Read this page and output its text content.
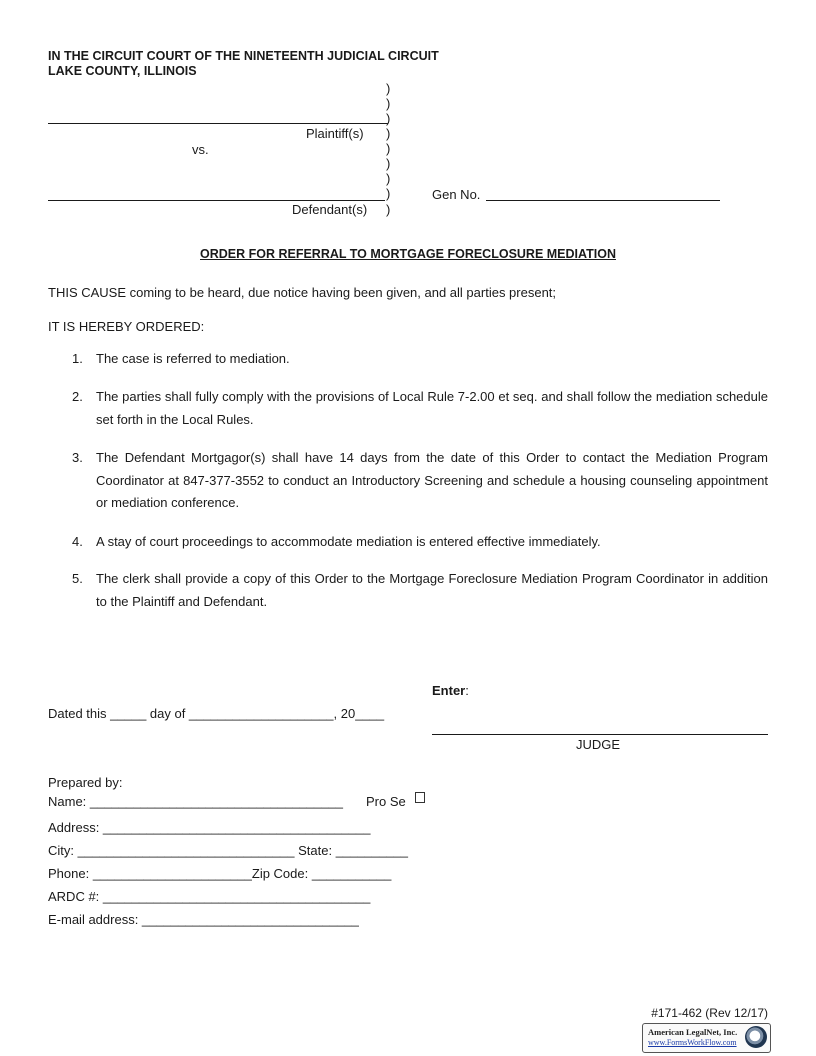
IN THE CIRCUIT COURT OF THE NINETEENTH JUDICIAL CIRCUIT
LAKE COUNTY, ILLINOIS
)
)
)
)
)
)
)
)
)
Plaintiff(s)
vs.
Defendant(s)
Gen No.
ORDER FOR REFERRAL TO MORTGAGE FORECLOSURE MEDIATION
THIS CAUSE coming to be heard, due notice having been given, and all parties present;
IT IS HEREBY ORDERED:
1. The case is referred to mediation.
2. The parties shall fully comply with the provisions of Local Rule 7-2.00 et seq. and shall follow the mediation schedule set forth in the Local Rules.
3. The Defendant Mortgagor(s) shall have 14 days from the date of this Order to contact the Mediation Program Coordinator at 847-377-3552 to conduct an Introductory Screening and schedule a housing counseling appointment or mediation conference.
4. A stay of court proceedings to accommodate mediation is entered effective immediately.
5. The clerk shall provide a copy of this Order to the Mortgage Foreclosure Mediation Program Coordinator in addition to the Plaintiff and Defendant.
Enter:
Dated this _____ day of ____________________, 20____
JUDGE
Prepared by:
Name: ___________________________________ Pro Se
Address: _____________________________________
City: ______________________________ State: __________
Phone: ______________________Zip Code: ___________
ARDC #: _____________________________________
E-mail address: ______________________________
#171-462 (Rev 12/17)
American LegalNet, Inc.
www.FormsWorkFlow.com
